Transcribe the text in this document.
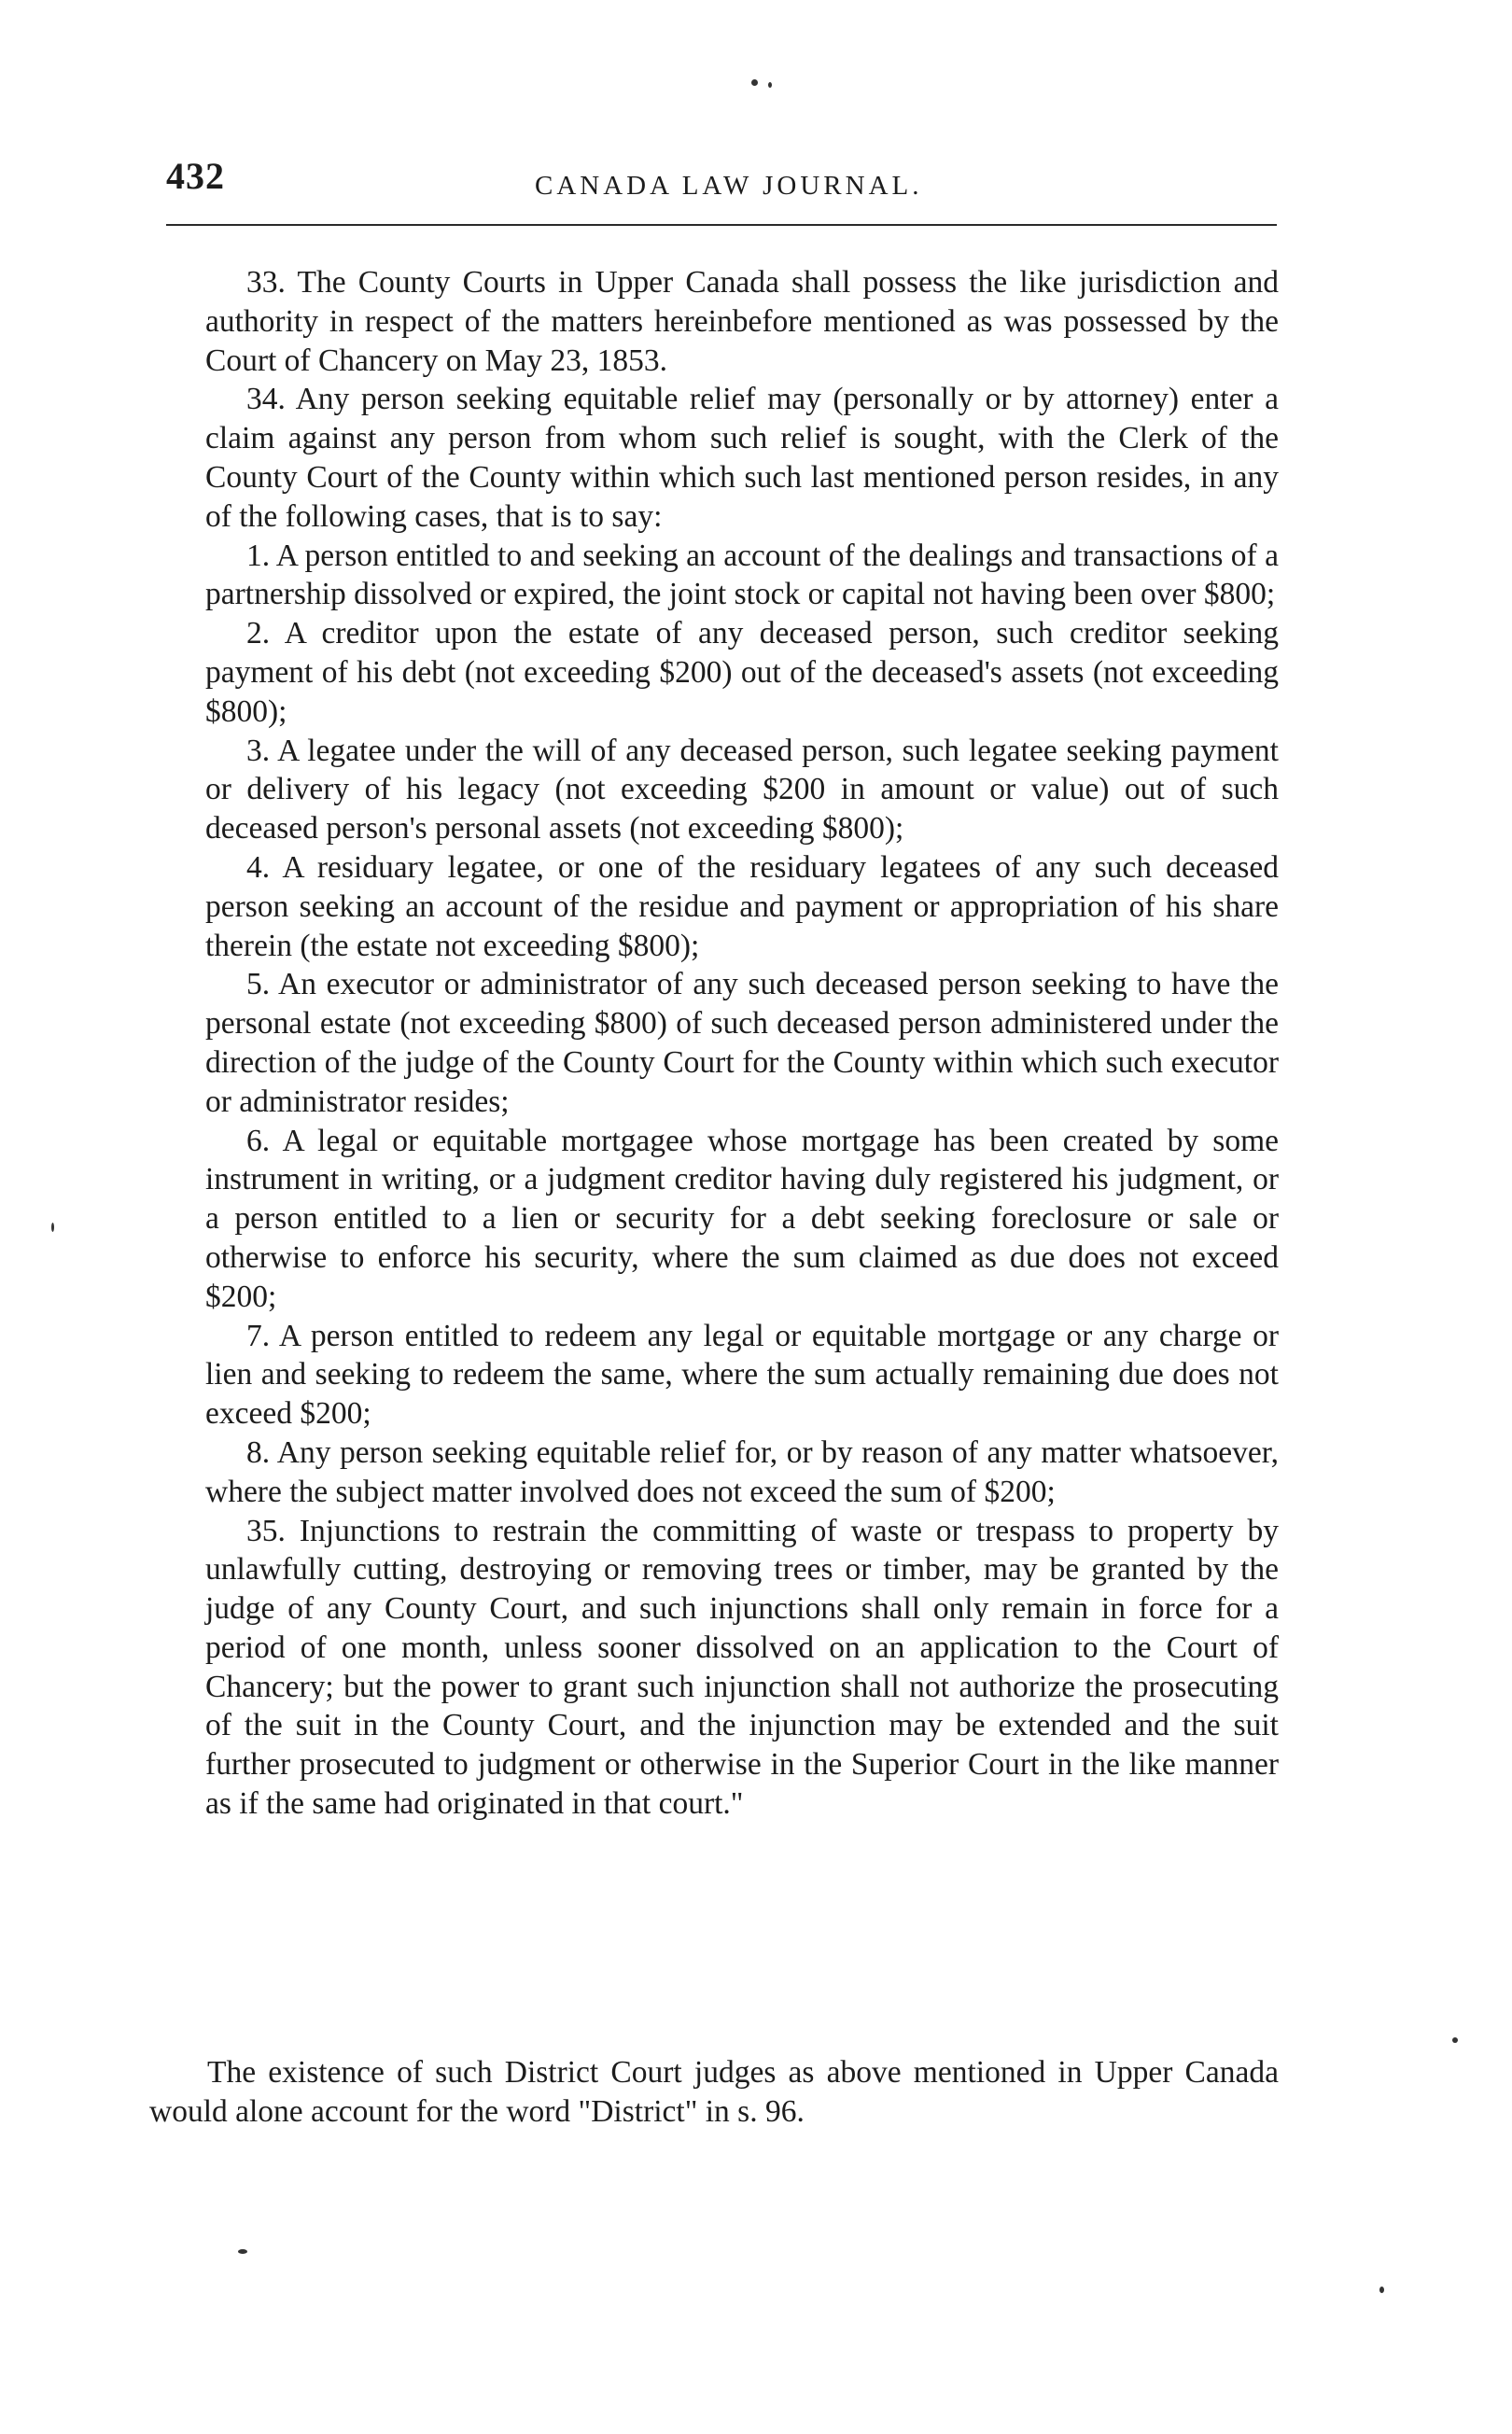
432	CANADA LAW JOURNAL.

33. The County Courts in Upper Canada shall possess the like jurisdiction and authority in respect of the matters hereinbefore mentioned as was possessed by the Court of Chancery on May 23, 1853.

34. Any person seeking equitable relief may (personally or by attorney) enter a claim against any person from whom such relief is sought, with the Clerk of the County Court of the County within which such last mentioned person resides, in any of the following cases, that is to say:

1. A person entitled to and seeking an account of the dealings and transactions of a partnership dissolved or expired, the joint stock or capital not having been over $800;

2. A creditor upon the estate of any deceased person, such creditor seeking payment of his debt (not exceeding $200) out of the deceased's assets (not exceeding $800);

3. A legatee under the will of any deceased person, such legatee seeking payment or delivery of his legacy (not exceeding $200 in amount or value) out of such deceased person's personal assets (not exceeding $800);

4. A residuary legatee, or one of the residuary legatees of any such deceased person seeking an account of the residue and payment or appropriation of his share therein (the estate not exceeding $800);

5. An executor or administrator of any such deceased person seeking to have the personal estate (not exceeding $800) of such deceased person administered under the direction of the judge of the County Court for the County within which such executor or administrator resides;

6. A legal or equitable mortgagee whose mortgage has been created by some instrument in writing, or a judgment creditor having duly registered his judgment, or a person entitled to a lien or security for a debt seeking foreclosure or sale or otherwise to enforce his security, where the sum claimed as due does not exceed $200;

7. A person entitled to redeem any legal or equitable mortgage or any charge or lien and seeking to redeem the same, where the sum actually remaining due does not exceed $200;

8. Any person seeking equitable relief for, or by reason of any matter whatsoever, where the subject matter involved does not exceed the sum of $200;

35. Injunctions to restrain the committing of waste or trespass to property by unlawfully cutting, destroying or removing trees or timber, may be granted by the judge of any County Court, and such injunctions shall only remain in force for a period of one month, unless sooner dissolved on an application to the Court of Chancery; but the power to grant such injunction shall not authorize the prosecuting of the suit in the County Court, and the injunction may be extended and the suit further prosecuted to judgment or otherwise in the Superior Court in the like manner as if the same had originated in that court."

The existence of such District Court judges as above mentioned in Upper Canada would alone account for the word "District" in s. 96.
